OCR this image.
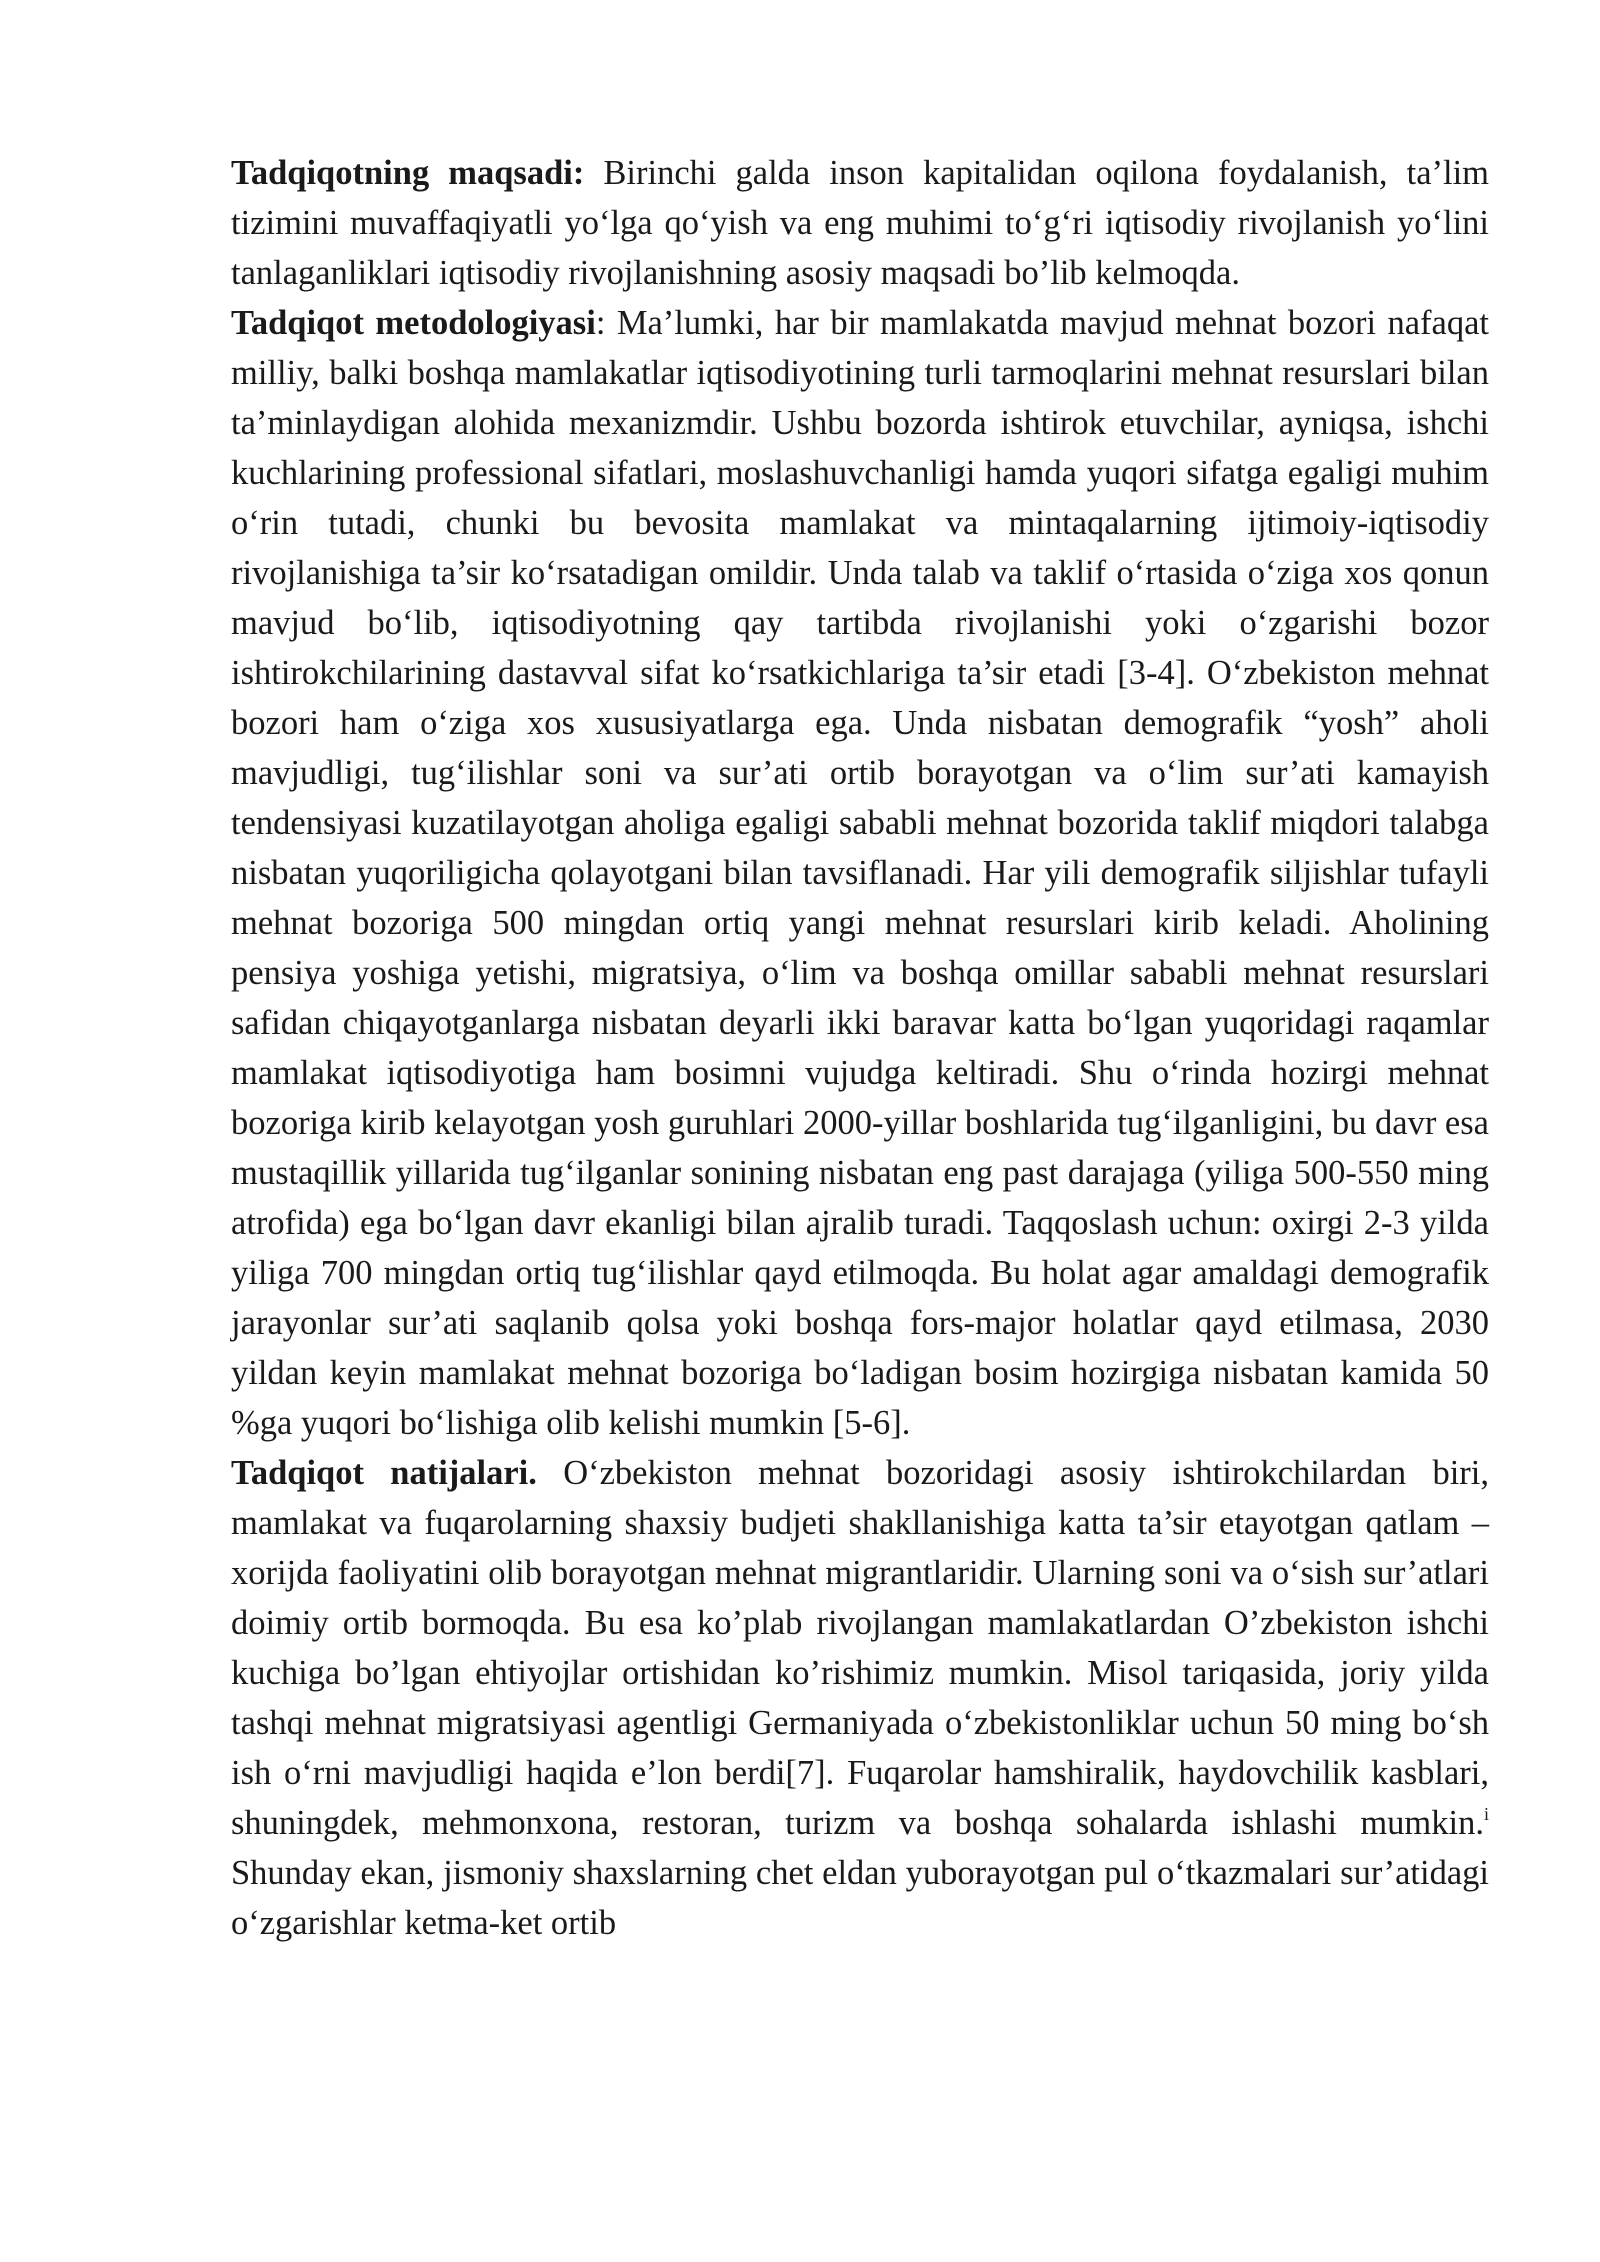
Tadqiqotning maqsadi: Birinchi galda inson kapitalidan oqilona foydalanish, ta’lim tizimini muvaffaqiyatli yo‘lga qo‘yish va eng muhimi to‘g‘ri iqtisodiy rivojlanish yo‘lini tanlaganliklari iqtisodiy rivojlanishning asosiy maqsadi bo’lib kelmoqda.

Tadqiqot metodologiyasi: Ma’lumki, har bir mamlakatda mavjud mehnat bozori nafaqat milliy, balki boshqa mamlakatlar iqtisodiyotining turli tarmoqlarini mehnat resurslari bilan ta’minlaydigan alohida mexanizmdir. Ushbu bozorda ishtirok etuvchilar, ayniqsa, ishchi kuchlarining professional sifatlari, moslashuvchanligi hamda yuqori sifatga egaligi muhim o‘rin tutadi, chunki bu bevosita mamlakat va mintaqalarning ijtimoiy-iqtisodiy rivojlanishiga ta’sir ko‘rsatadigan omildir. Unda talab va taklif o‘rtasida o‘ziga xos qonun mavjud bo‘lib, iqtisodiyotning qay tartibda rivojlanishi yoki o‘zgarishi bozor ishtirokchilarining dastavval sifat ko‘rsatkichlariga ta’sir etadi [3-4]. O‘zbekiston mehnat bozori ham o‘ziga xos xususiyatlarga ega. Unda nisbatan demografik “yosh” aholi mavjudligi, tug‘ilishlar soni va sur’ati ortib borayotgan va o‘lim sur’ati kamayish tendensiyasi kuzatilayotgan aholiga egaligi sababli mehnat bozorida taklif miqdori talabga nisbatan yuqoriligicha qolayotgani bilan tavsiflanadi. Har yili demografik siljishlar tufayli mehnat bozoriga 500 mingdan ortiq yangi mehnat resurslari kirib keladi. Aholining pensiya yoshiga yetishi, migratsiya, o‘lim va boshqa omillar sababli mehnat resurslari safidan chiqayotganlarga nisbatan deyarli ikki baravar katta bo‘lgan yuqoridagi raqamlar mamlakat iqtisodiyotiga ham bosimni vujudga keltiradi. Shu o‘rinda hozirgi mehnat bozoriga kirib kelayotgan yosh guruhlari 2000-yillar boshlarida tug‘ilganligini, bu davr esa mustaqillik yillarida tug‘ilganlar sonining nisbatan eng past darajaga (yiliga 500-550 ming atrofida) ega bo‘lgan davr ekanligi bilan ajralib turadi. Taqqoslash uchun: oxirgi 2-3 yilda yiliga 700 mingdan ortiq tug‘ilishlar qayd etilmoqda. Bu holat agar amaldagi demografik jarayonlar sur’ati saqlanib qolsa yoki boshqa fors-major holatlar qayd etilmasa, 2030 yildan keyin mamlakat mehnat bozoriga bo‘ladigan bosim hozirgiga nisbatan kamida 50 %ga yuqori bo‘lishiga olib kelishi mumkin [5-6].

Tadqiqot natijalari. O‘zbekiston mehnat bozoridagi asosiy ishtirokchilardan biri, mamlakat va fuqarolarning shaxsiy budjeti shakllanishiga katta ta’sir etayotgan qatlam – xorijda faoliyatini olib borayotgan mehnat migrantlaridir. Ularning soni va o‘sish sur’atlari doimiy ortib bormoqda. Bu esa ko’plab rivojlangan mamlakatlardan O’zbekiston ishchi kuchiga bo’lgan ehtiyojlar ortishidan ko’rishimiz mumkin. Misol tariqasida, joriy yilda tashqi mehnat migratsiyasi agentligi Germaniyada o‘zbekistonliklar uchun 50 ming bo‘sh ish o‘rni mavjudligi haqida e’lon berdi[7]. Fuqarolar hamshiralik, haydovchilik kasblari, shuningdek, mehmonxona, restoran, turizm va boshqa sohalarda ishlashi mumkin.$^i$ Shunday ekan, jismoniy shaxslarning chet eldan yuborayotgan pul o‘tkazmalari sur’atidagi o‘zgarishlar ketma-ket ortib
